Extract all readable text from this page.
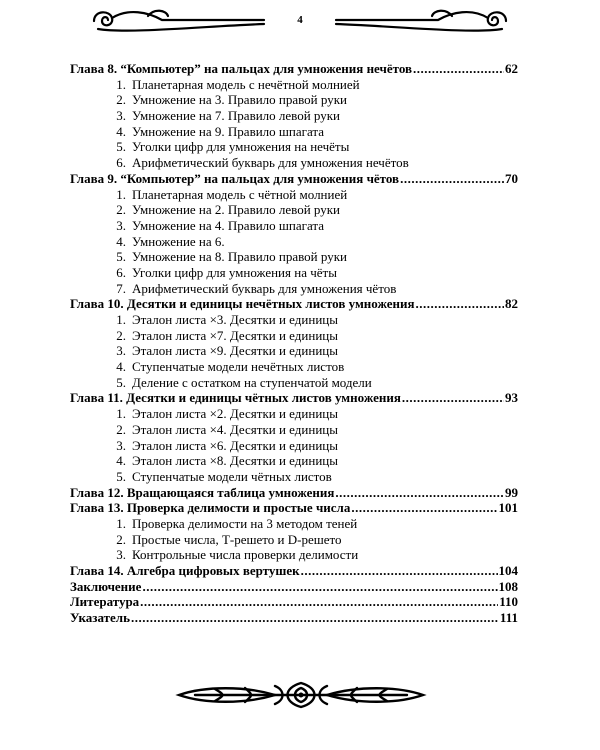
4
Глава 8. “Компьютер” на пальцах для умножения нечётов .....	62
1. Планетарная модель с нечётной молнией
2. Умножение на 3. Правило правой руки
3. Умножение на 7. Правило левой руки
4. Умножение на 9. Правило шпагата
5. Уголки цифр для умножения на нечёты
6. Арифметический букварь для умножения нечётов
Глава 9. “Компьютер” на пальцах для умножения чётов .....	70
1. Планетарная модель с чётной молнией
2. Умножение на 2. Правило левой руки
3. Умножение на 4. Правило шпагата
4. Умножение на 6.
5. Умножение на 8. Правило правой руки
6. Уголки цифр для умножения на чёты
7. Арифметический букварь для умножения чётов
Глава 10. Десятки и единицы нечётных листов умножения .....	82
1. Эталон листа ×3. Десятки и единицы
2. Эталон листа ×7. Десятки и единицы
3. Эталон листа ×9. Десятки и единицы
4. Ступенчатые модели нечётных листов
5. Деление с остатком на ступенчатой модели
Глава 11. Десятки и единицы чётных листов умножения .....	93
1. Эталон листа ×2. Десятки и единицы
2. Эталон листа ×4. Десятки и единицы
3. Эталон листа ×6. Десятки и единицы
4. Эталон листа ×8. Десятки и единицы
5. Ступенчатые модели чётных листов
Глава 12. Вращающаяся таблица умножения .....	99
Глава 13. Проверка делимости и простые числа .....	101
1. Проверка делимости на 3 методом теней
2. Простые числа, Т-решето и D-решето
3. Контрольные числа проверки делимости
Глава 14. Алгебра цифровых вертушек .....	104
Заключение .....	108
Литература .....	110
Указатель .....	111
